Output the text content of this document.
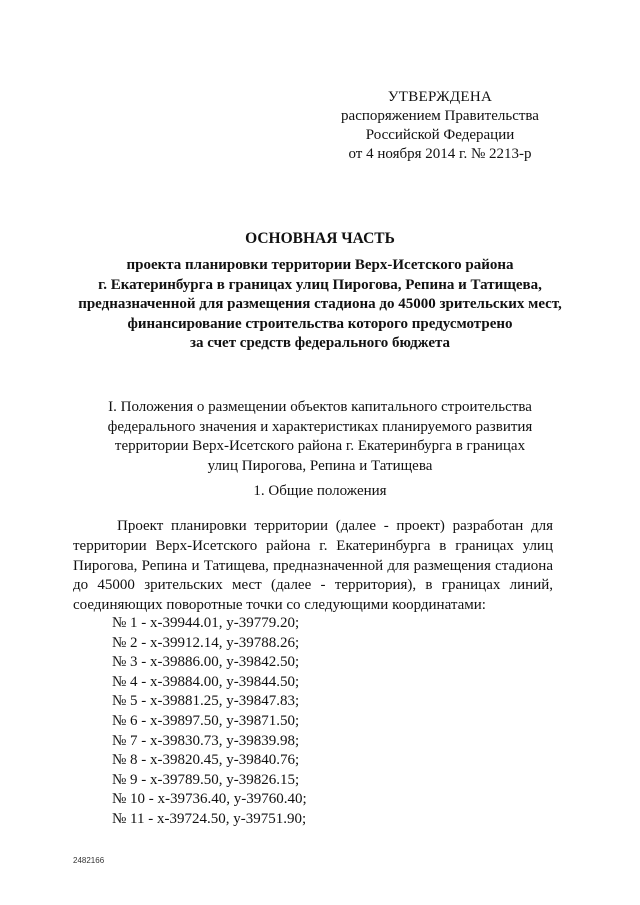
УТВЕРЖДЕНА
распоряжением Правительства
Российской Федерации
от 4 ноября 2014 г. № 2213-р
ОСНОВНАЯ ЧАСТЬ
проекта планировки территории Верх-Исетского района
г. Екатеринбурга в границах улиц Пирогова, Репина и Татищева,
предназначенной для размещения стадиона до 45000 зрительских мест,
финансирование строительства которого предусмотрено
за счет средств федерального бюджета
I. Положения о размещении объектов капитального строительства
федерального значения и характеристиках планируемого развития
территории Верх-Исетского района г. Екатеринбурга в границах
улиц Пирогова, Репина и Татищева
1. Общие положения
Проект планировки территории (далее - проект) разработан для
территории Верх-Исетского района г. Екатеринбурга в границах улиц
Пирогова, Репина и Татищева, предназначенной для размещения стадиона
до 45000 зрительских мест (далее - территория), в границах линий,
соединяющих поворотные точки со следующими координатами:
№ 1 - х-39944.01, у-39779.20;
№ 2 - х-39912.14, у-39788.26;
№ 3 - х-39886.00, у-39842.50;
№ 4 - х-39884.00, у-39844.50;
№ 5 - х-39881.25, у-39847.83;
№ 6 - х-39897.50, у-39871.50;
№ 7 - х-39830.73, у-39839.98;
№ 8 - х-39820.45, у-39840.76;
№ 9 - х-39789.50, у-39826.15;
№ 10 - х-39736.40, у-39760.40;
№ 11 - х-39724.50, у-39751.90;
2482166
